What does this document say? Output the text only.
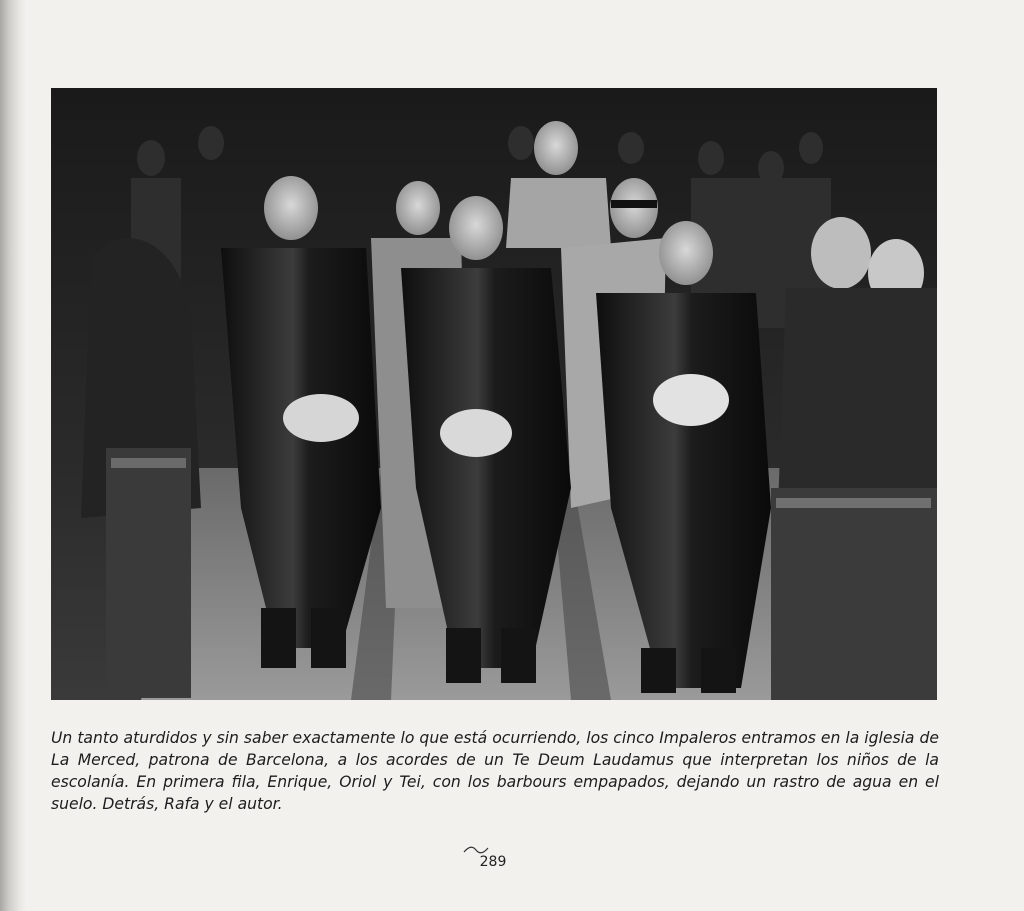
Un tanto aturdidos y sin saber exactamente lo que está ocurriendo, los cinco Impaleros entramos en la iglesia de La Merced, patrona de Barcelona, a los acordes de un Te Deum Laudamus que interpretan los niños de la escolanía. En primera fila, Enrique, Oriol y Tei, con los barbours empapados, dejando un rastro de agua en el suelo. Detrás, Rafa y el autor.

289
